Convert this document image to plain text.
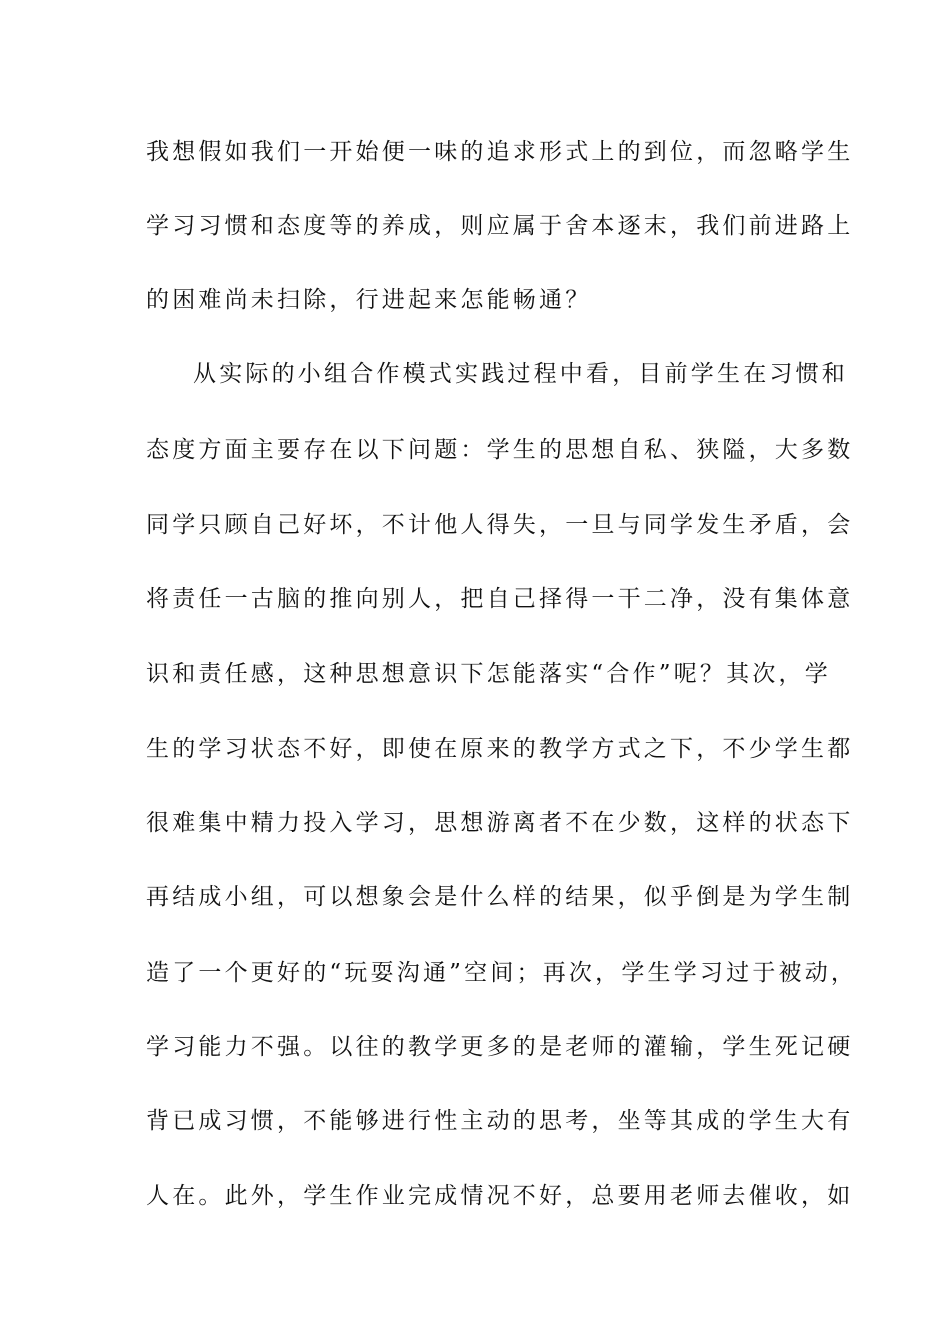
我想假如我们一开始便一味的追求形式上的到位，而忽略学生
学习习惯和态度等的养成，则应属于舍本逐末，我们前进路上
的困难尚未扫除，行进起来怎能畅通？
从实际的小组合作模式实践过程中看，目前学生在习惯和
态度方面主要存在以下问题：学生的思想自私、狭隘，大多数
同学只顾自己好坏，不计他人得失，一旦与同学发生矛盾，会
将责任一古脑的推向别人，把自己择得一干二净，没有集体意
识和责任感，这种思想意识下怎能落实“合作”呢？其次，学
生的学习状态不好，即使在原来的教学方式之下，不少学生都
很难集中精力投入学习，思想游离者不在少数，这样的状态下
再结成小组，可以想象会是什么样的结果，似乎倒是为学生制
造了一个更好的“玩耍沟通”空间；再次，学生学习过于被动，
学习能力不强。以往的教学更多的是老师的灌输，学生死记硬
背已成习惯，不能够进行性主动的思考，坐等其成的学生大有
人在。此外，学生作业完成情况不好，总要用老师去催收，如
